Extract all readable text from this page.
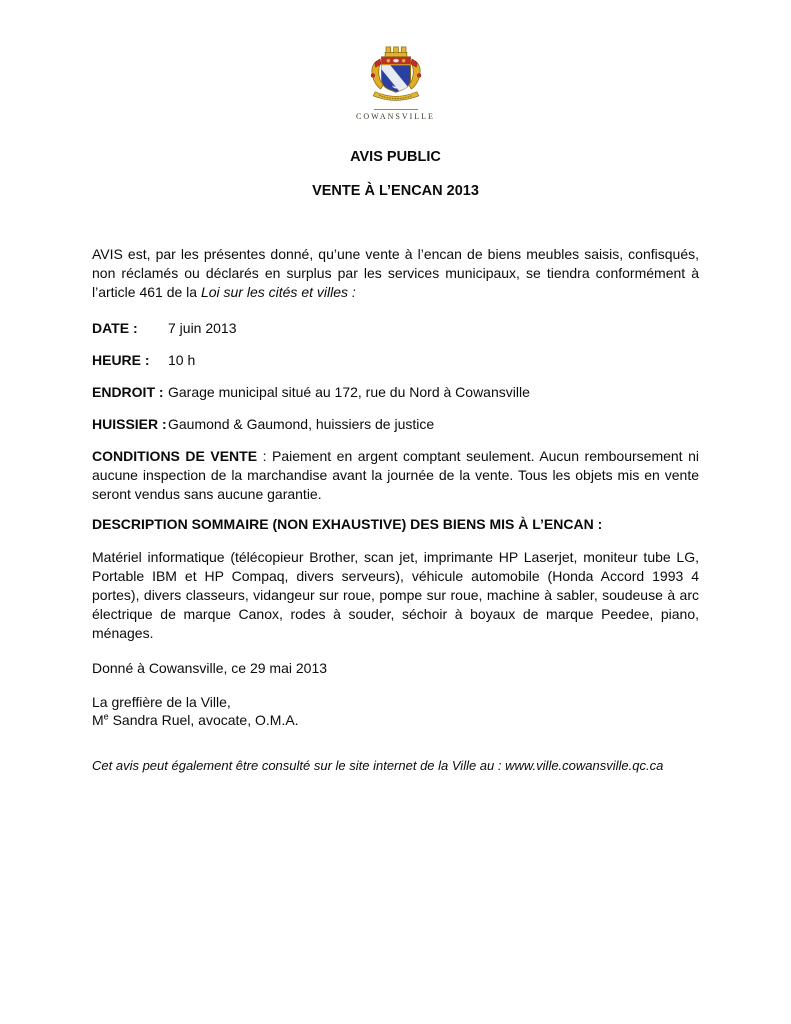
COWANSVILLE
AVIS PUBLIC
VENTE À L’ENCAN 2013

AVIS est, par les présentes donné, qu’une vente à l’encan de biens meubles saisis, confisqués, non réclamés ou déclarés en surplus par les services municipaux, se tiendra conformément à l’article 461 de la Loi sur les cités et villes :

DATE :	7 juin 2013
HEURE :	10 h
ENDROIT : Garage municipal situé au 172, rue du Nord à Cowansville
HUISSIER : Gaumond & Gaumond, huissiers de justice

CONDITIONS DE VENTE : Paiement en argent comptant seulement. Aucun remboursement ni aucune inspection de la marchandise avant la journée de la vente. Tous les objets mis en vente seront vendus sans aucune garantie.

DESCRIPTION SOMMAIRE (NON EXHAUSTIVE) DES BIENS MIS À L’ENCAN :

Matériel informatique (télécopieur Brother, scan jet, imprimante HP Laserjet, moniteur tube LG, Portable IBM et HP Compaq, divers serveurs), véhicule automobile (Honda Accord 1993 4 portes), divers classeurs, vidangeur sur roue, pompe sur roue, machine à sabler, soudeuse à arc électrique de marque Canox, rodes à souder, séchoir à boyaux de marque Peedee, piano, ménages.

Donné à Cowansville, ce 29 mai 2013

La greffière de la Ville,

Me Sandra Ruel, avocate, O.M.A.

Cet avis peut également être consulté sur le site internet de la Ville au : www.ville.cowansville.qc.ca
